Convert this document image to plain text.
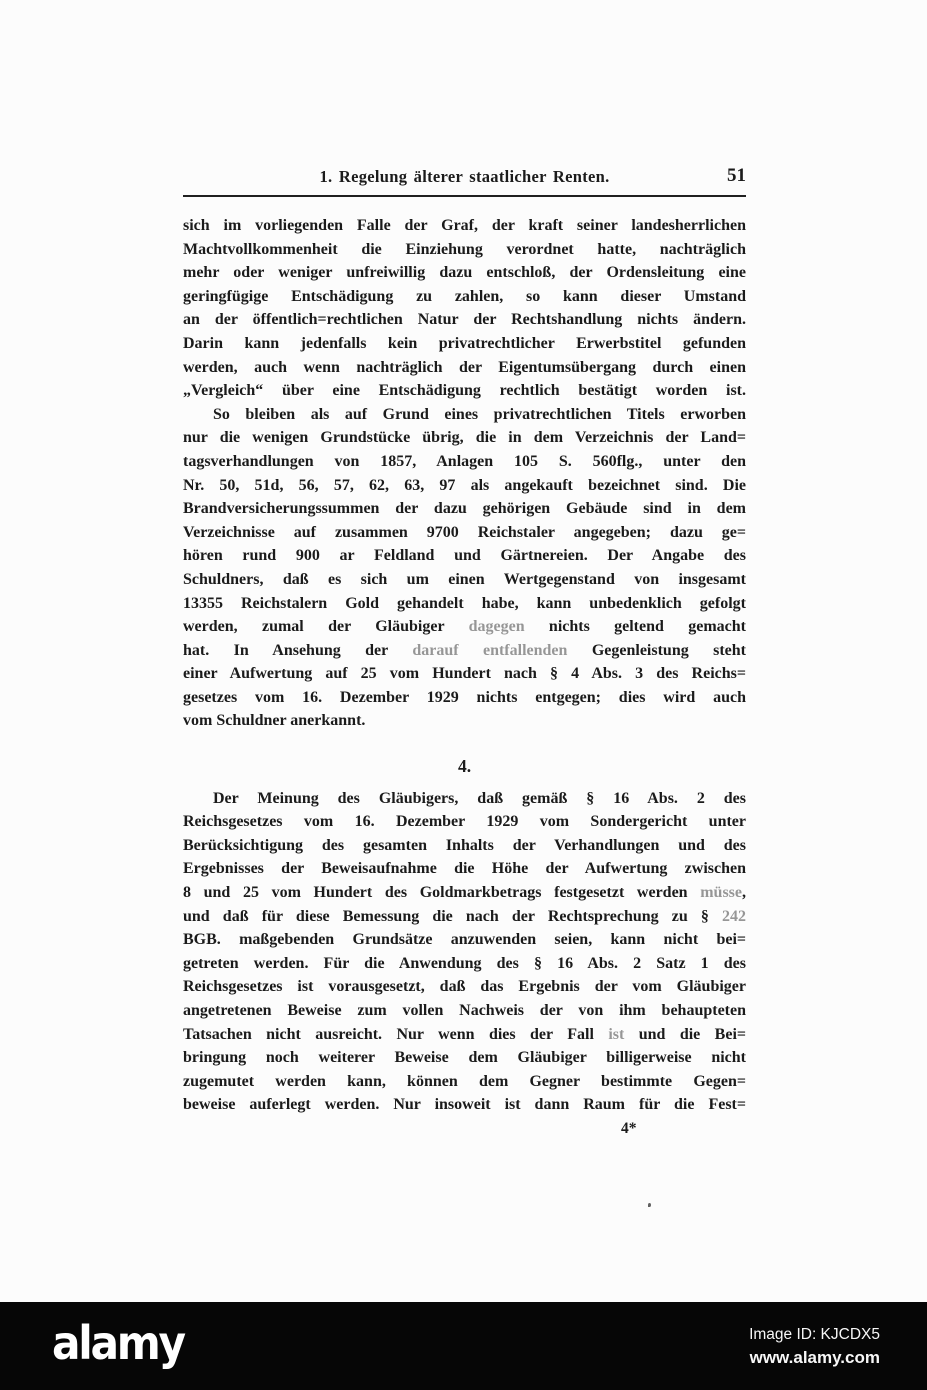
1. Regelung älterer staatlicher Renten.	51
sich im vorliegenden Falle der Graf, der kraft seiner landesherrlichen
Machtvollkommenheit die Einziehung verordnet hatte, nachträglich
mehr oder weniger unfreiwillig dazu entschloß, der Ordensleitung eine
geringfügige Entschädigung zu zahlen, so kann dieser Umstand
an der öffentlich=rechtlichen Natur der Rechtshandlung nichts ändern.
Darin kann jedenfalls kein privatrechtlicher Erwerbstitel gefunden
werden, auch wenn nachträglich der Eigentumsübergang durch einen
„Vergleich“ über eine Entschädigung rechtlich bestätigt worden ist.
So bleiben als auf Grund eines privatrechtlichen Titels erworben
nur die wenigen Grundstücke übrig, die in dem Verzeichnis der Land=
tagsverhandlungen von 1857, Anlagen 105 S. 560flg., unter den
Nr. 50, 51d, 56, 57, 62, 63, 97 als angekauft bezeichnet sind. Die
Brandversicherungssummen der dazu gehörigen Gebäude sind in dem
Verzeichnisse auf zusammen 9700 Reichstaler angegeben; dazu ge=
hören rund 900 ar Feldland und Gärtnereien. Der Angabe des
Schuldners, daß es sich um einen Wertgegenstand von insgesamt
13355 Reichstalern Gold gehandelt habe, kann unbedenklich gefolgt
werden, zumal der Gläubiger dagegen nichts geltend gemacht
hat. In Ansehung der darauf entfallenden Gegenleistung steht
einer Aufwertung auf 25 vom Hundert nach § 4 Abs. 3 des Reichs=
gesetzes vom 16. Dezember 1929 nichts entgegen; dies wird auch
vom Schuldner anerkannt.
4.
Der Meinung des Gläubigers, daß gemäß § 16 Abs. 2 des
Reichsgesetzes vom 16. Dezember 1929 vom Sondergericht unter
Berücksichtigung des gesamten Inhalts der Verhandlungen und des
Ergebnisses der Beweisaufnahme die Höhe der Aufwertung zwischen
8 und 25 vom Hundert des Goldmarkbetrags festgesetzt werden müsse,
und daß für diese Bemessung die nach der Rechtsprechung zu § 242
BGB. maßgebenden Grundsätze anzuwenden seien, kann nicht bei=
getreten werden. Für die Anwendung des § 16 Abs. 2 Satz 1 des
Reichsgesetzes ist vorausgesetzt, daß das Ergebnis der vom Gläubiger
angetretenen Beweise zum vollen Nachweis der von ihm behaupteten
Tatsachen nicht ausreicht. Nur wenn dies der Fall ist und die Bei=
bringung noch weiterer Beweise dem Gläubiger billigerweise nicht
zugemutet werden kann, können dem Gegner bestimmte Gegen=
beweise auferlegt werden. Nur insoweit ist dann Raum für die Fest=
4*
alamy	Image ID: KJCDX5
www.alamy.com
